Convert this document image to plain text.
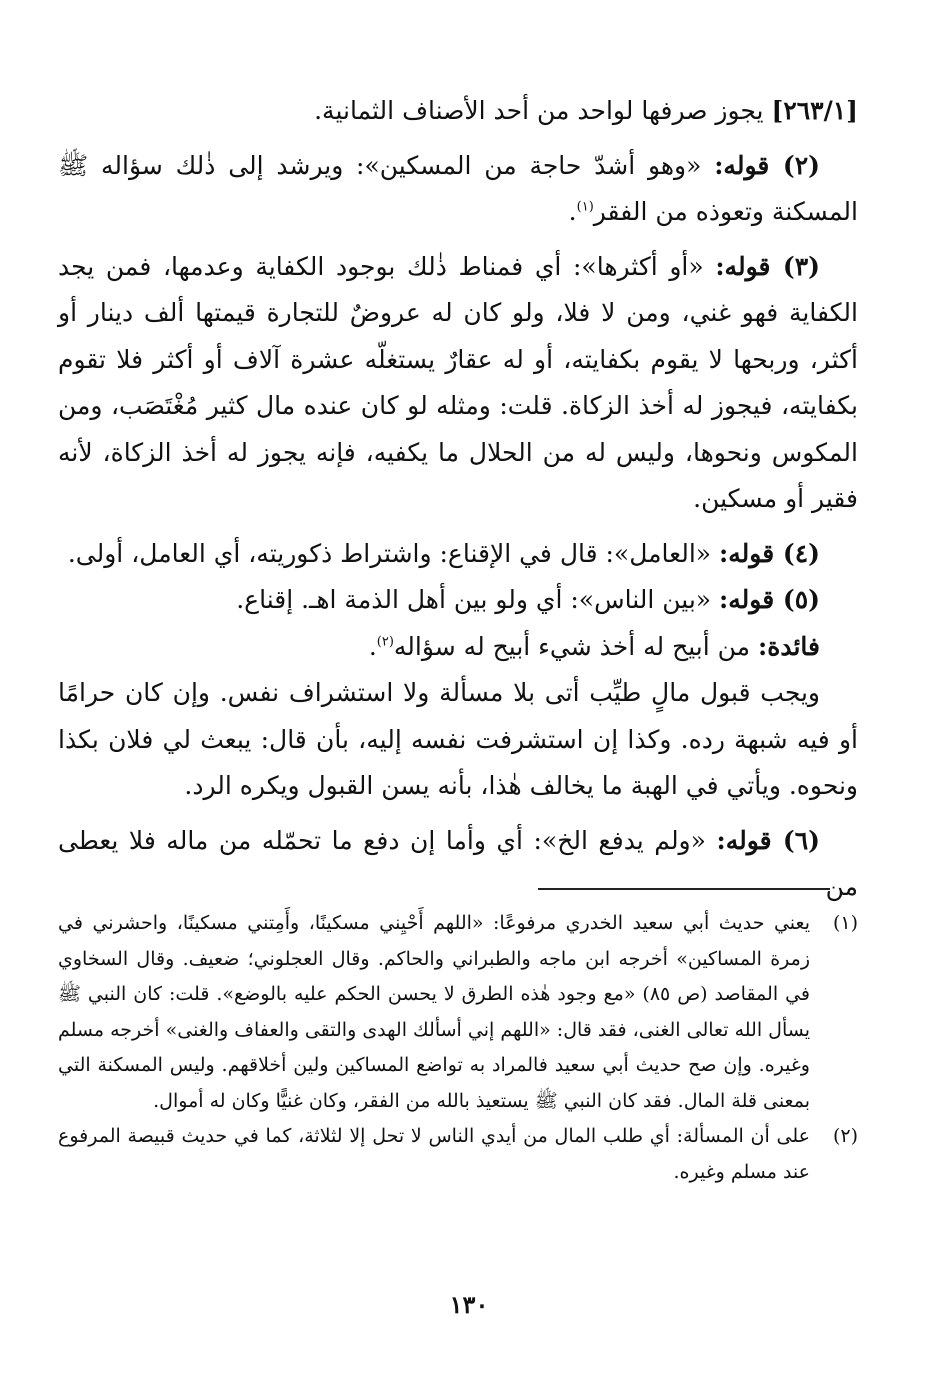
[٢٦٣/١] يجوز صرفها لواحد من أحد الأصناف الثمانية.

(٢) قوله: «وهو أشدّ حاجة من المسكين»: ويرشد إلى ذٰلك سؤاله ﷺ المسكنة وتعوذه من الفقر$^{(١)}$.

(٣) قوله: «أو أكثرها»: أي فمناط ذٰلك بوجود الكفاية وعدمها، فمن يجد الكفاية فهو غني، ومن لا فلا، ولو كان له عروضٌ للتجارة قيمتها ألف دينار أو أكثر، وربحها لا يقوم بكفايته، أو له عقارٌ يستغلّه عشرة آلاف أو أكثر فلا تقوم بكفايته، فيجوز له أخذ الزكاة. قلت: ومثله لو كان عنده مال كثير مُغْتَصَب، ومن المكوس ونحوها، وليس له من الحلال ما يكفيه، فإنه يجوز له أخذ الزكاة، لأنه فقير أو مسكين.

(٤) قوله: «العامل»: قال في الإقناع: واشتراط ذكوريته، أي العامل، أولى.

(٥) قوله: «بين الناس»: أي ولو بين أهل الذمة اهـ. إقناع.

فائدة: من أبيح له أخذ شيء أبيح له سؤاله$^{(٢)}$.

ويجب قبول مالٍ طيِّب أتى بلا مسألة ولا استشراف نفس. وإن كان حرامًا أو فيه شبهة رده. وكذا إن استشرفت نفسه إليه، بأن قال: يبعث لي فلان بكذا ونحوه. ويأتي في الهبة ما يخالف هٰذا، بأنه يسن القبول ويكره الرد.

(٦) قوله: «ولم يدفع الخ»: أي وأما إن دفع ما تحمّله من ماله فلا يعطى من

(١)
يعني حديث أبي سعيد الخدري مرفوعًا: «اللهم أَحْيِني مسكينًا، وأَمِتني مسكينًا، واحشرني في زمرة المساكين» أخرجه ابن ماجه والطبراني والحاكم. وقال العجلوني؛ ضعيف. وقال السخاوي في المقاصد (ص ٨٥) «مع وجود هٰذه الطرق لا يحسن الحكم عليه بالوضع». قلت: كان النبي ﷺ يسأل الله تعالى الغنى، فقد قال: «اللهم إني أسألك الهدى والتقى والعفاف والغنى» أخرجه مسلم وغيره. وإن صح حديث أبي سعيد فالمراد به تواضع المساكين ولين أخلاقهم. وليس المسكنة التي بمعنى قلة المال. فقد كان النبي ﷺ يستعيذ بالله من الفقر، وكان غنيًّا وكان له أموال.
(٢)
على أن المسألة: أي طلب المال من أيدي الناس لا تحل إلا لثلاثة، كما في حديث قبيصة المرفوع عند مسلم وغيره.
١٣٠
